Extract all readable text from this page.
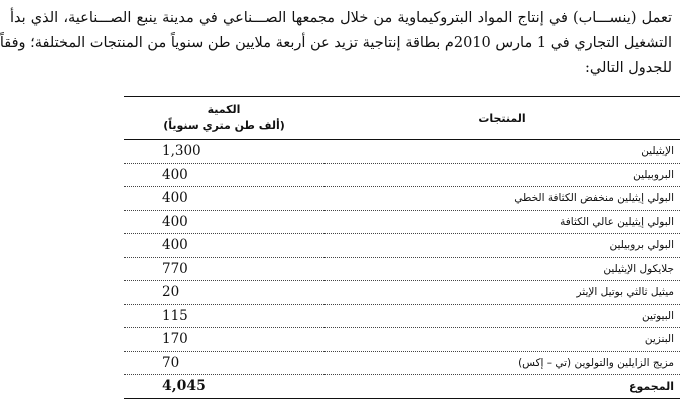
تعمل (ينســـاب) في إنتاج المواد البتروكيماوية من خلال مجمعها الصـــناعي في مدينة ينبع الصـــناعية، الذي بدأ
التشغيل التجاري في 1 مارس 2010م بطاقة إنتاجية تزيد عن أربعة ملايين طن سنوياً من المنتجات المختلفة؛ وفقاً
للجدول التالي:
المنتجات	الكمية
(ألف طن متري سنوياً)

الإيثيلين	1,300
البروبيلين	400
البولي إيثيلين منخفض الكثافة الخطي	400
البولي إيثيلين عالي الكثافة	400
البولي بروبيلين	400
جلايكول الإيثيلين	770
ميثيل ثالثي بوتيل الإيثر	20
البيوتين	115
البنزين	170
مزيج الزايلين والتولوين (تي – إكس)	70
المجموع	4,045
